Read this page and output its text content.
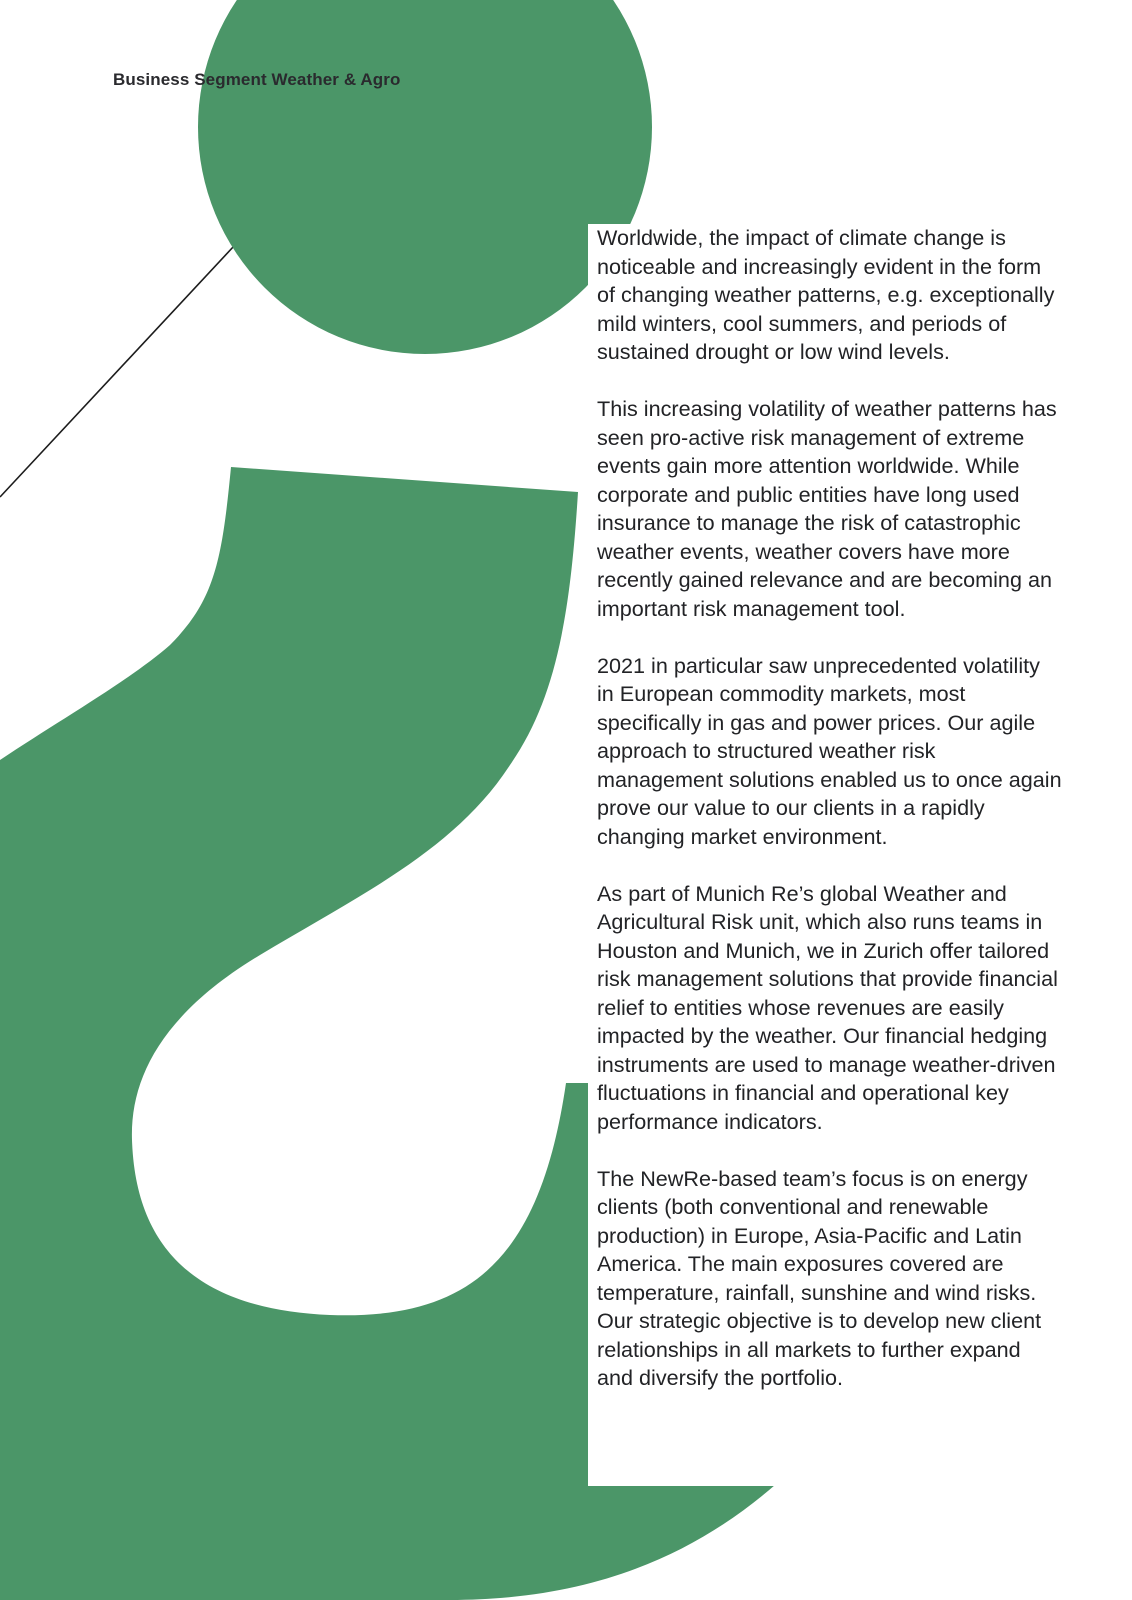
Business Segment Weather & Agro

Worldwide, the impact of climate change is noticeable and increasingly evident in the form of changing weather patterns, e.g. exceptionally mild winters, cool summers, and periods of sustained drought or low wind levels.

This increasing volatility of weather patterns has seen pro-active risk management of extreme events gain more attention worldwide. While corporate and public entities have long used insurance to manage the risk of catastrophic weather events, weather covers have more recently gained relevance and are becoming an important risk management tool.

2021 in particular saw unprecedented volatility in European commodity markets, most specifically in gas and power prices. Our agile approach to structured weather risk management solutions enabled us to once again prove our value to our clients in a rapidly changing market environment.

As part of Munich Re’s global Weather and Agricultural Risk unit, which also runs teams in Houston and Munich, we in Zurich offer tailored risk management solutions that provide financial relief to entities whose revenues are easily impacted by the weather. Our financial hedging instruments are used to manage weather-driven fluctuations in financial and operational key performance indicators.

The NewRe-based team’s focus is on energy clients (both conventional and renewable production) in Europe, Asia-Pacific and Latin America. The main exposures covered are temperature, rainfall, sunshine and wind risks. Our strategic objective is to develop new client relationships in all markets to further expand and diversify the portfolio.
